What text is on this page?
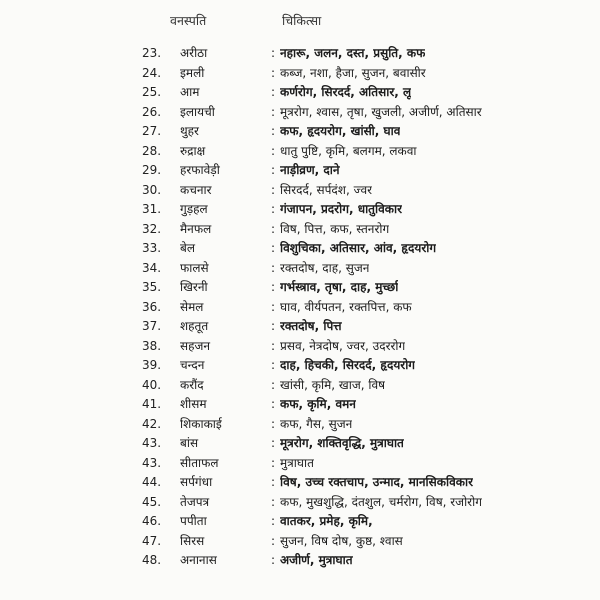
वनस्पति	चिकित्सा
23.	अरीठा	: नहारू, जलन, दस्त, प्रसुति, कफ
24.	इमली	: कब्ज, नशा, हैजा, सुजन, बवासीर
25.	आम	: कर्णरोग, सिरदर्द, अतिसार, लू
26.	इलायची	: मूत्ररोग, श्वास, तृषा, खुजली, अजीर्ण, अतिसार
27.	थुहर	: कफ, हृदयरोग, खांसी, घाव
28.	रुद्राक्ष	: धातु पुष्टि, कृमि, बलगम, लकवा
29.	हरफावेड़ी	: नाड़ीव्रण, दाने
30.	कचनार	: सिरदर्द, सर्पदंश, ज्वर
31.	गुड़हल	: गंजापन, प्रदरोग, धातुविकार
32.	मैनफल	: विष, पित्त, कफ, स्तनरोग
33.	बेल	: विशुचिका, अतिसार, आंव, हृदयरोग
34.	फालसे	: रक्तदोष, दाह, सुजन
35.	खिरनी	: गर्भस्त्राव, तृषा, दाह, मुर्च्छा
36.	सेमल	: घाव, वीर्यपतन, रक्तपित्त, कफ
37.	शहतूत	: रक्तदोष, पित्त
38.	सहजन	: प्रसव, नेत्रदोष, ज्वर, उदररोग
39.	चन्दन	: दाह, हिचकी, सिरदर्द, हृदयरोग
40.	करौंद	: खांसी, कृमि, खाज, विष
41.	शीसम	: कफ, कृमि, वमन
42.	शिकाकाई	: कफ, गैस, सुजन
43.	बांस	: मूत्ररोग, शक्तिवृद्धि, मुत्राघात
43.	सीताफल	: मुत्राघात
44.	सर्पगंधा	: विष, उच्च रक्तचाप, उन्माद, मानसिकविकार
45.	तेजपत्र	: कफ, मुखशुद्धि, दंतशुल, चर्मरोग, विष, रजोरोग
46.	पपीता	: वातकर, प्रमेह, कृमि,
47.	सिरस	: सुजन, विष दोष, कुष्ठ, श्वास
48.	अनानास	: अजीर्ण, मुत्राघात
